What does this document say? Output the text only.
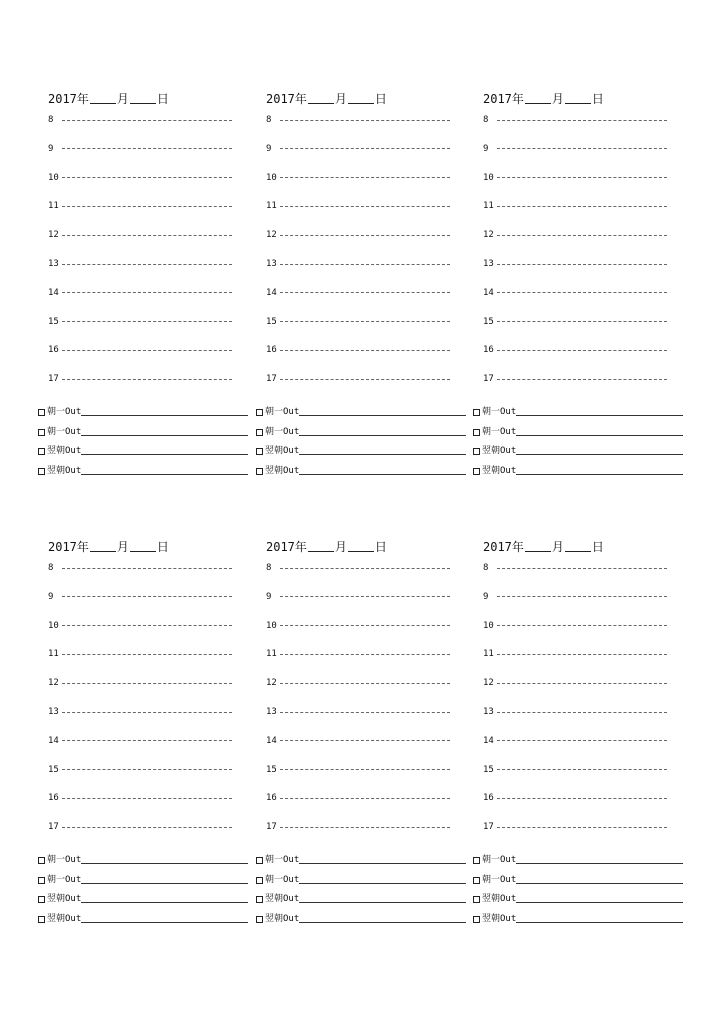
2017年 月 日
8
9
10
11
12
13
14
15
16
17
朝一Out
朝一Out
翌朝Out
翌朝Out
2017年 月 日
8
9
10
11
12
13
14
15
16
17
朝一Out
朝一Out
翌朝Out
翌朝Out
2017年 月 日
8
9
10
11
12
13
14
15
16
17
朝一Out
朝一Out
翌朝Out
翌朝Out
2017年 月 日
8
9
10
11
12
13
14
15
16
17
朝一Out
朝一Out
翌朝Out
翌朝Out
2017年 月 日
8
9
10
11
12
13
14
15
16
17
朝一Out
朝一Out
翌朝Out
翌朝Out
2017年 月 日
8
9
10
11
12
13
14
15
16
17
朝一Out
朝一Out
翌朝Out
翌朝Out
